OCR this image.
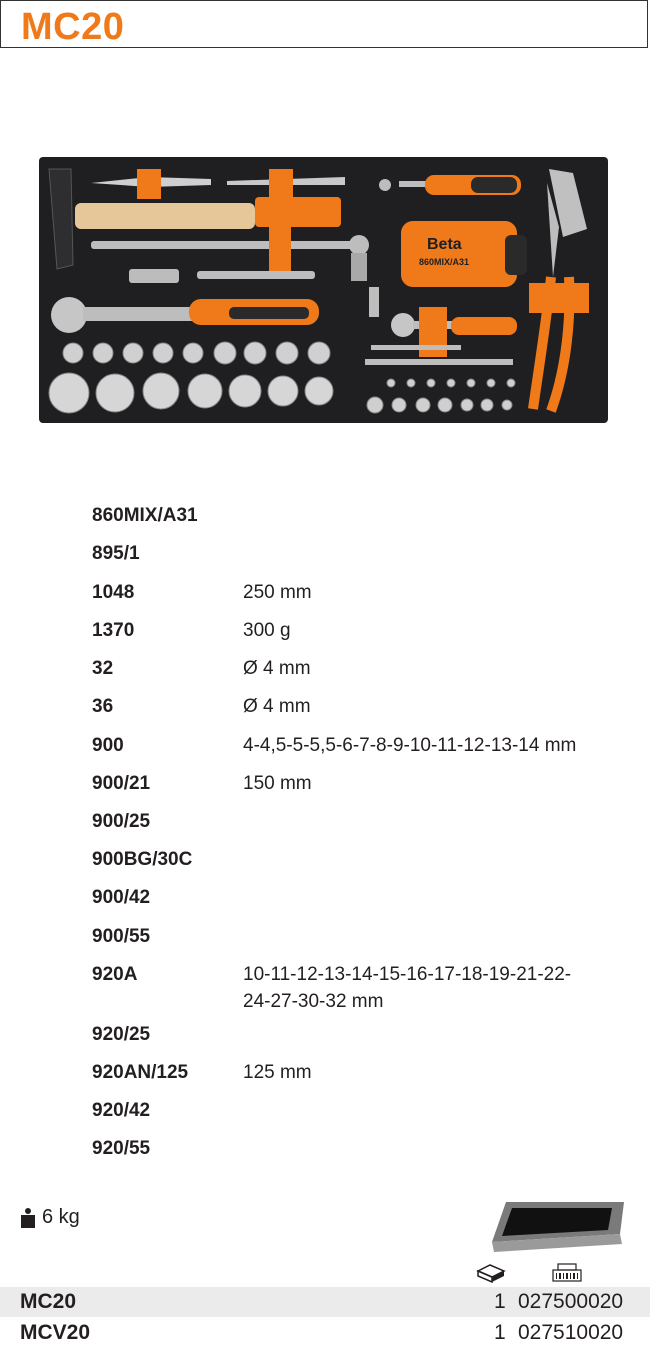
MC20
Beta
860MIX/A31
860MIX/A31
895/1
1048	250 mm
1370	300 g
32	Ø 4 mm
36	Ø 4 mm
900	4-4,5-5-5,5-6-7-8-9-10-11-12-13-14 mm
900/21	150 mm
900/25
900BG/30C
900/42
900/55
920A	10-11-12-13-14-15-16-17-18-19-21-22-
24-27-30-32 mm
920/25
920AN/125	125 mm
920/42
920/55
6 kg
MC20	1 027500020
MCV20	1 027510020
